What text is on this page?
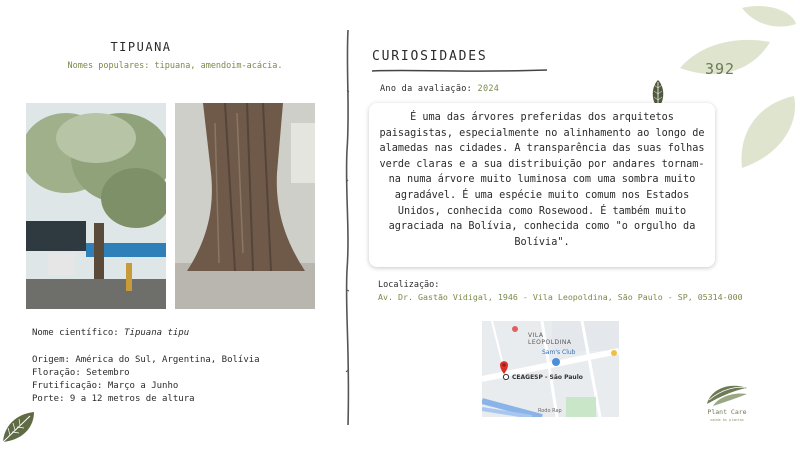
392
TIPUANA
Nomes populares: tipuana, amendoim-acácia.
Nome científico: Tipuana tipu
Origem: América do Sul, Argentina, Bolívia
Floração: Setembro
Frutificação: Março a Junho
Porte: 9 a 12 metros de altura
CURIOSIDADES
Ano da avaliação: 2024
É uma das árvores preferidas dos arquitetos paisagistas, especialmente no alinhamento ao longo de alamedas nas cidades. A transparência das suas folhas verde claras e a sua distribuição por andares tornam-na numa árvore muito luminosa com uma sombra muito agradável. É uma espécie muito comum nos Estados Unidos, conhecida como Rosewood. É também muito agraciada na Bolívia, conhecida como "o orgulho da Bolívia".
Localização:
Av. Dr. Gastão Vidigal, 1946 - Vila Leopoldina, São Paulo - SP, 05314-000
VILA
LEOPOLDINA
Sam's Club
CEAGESP - São Paulo
Rodo Rap	Plant Care
saúde às plantas
